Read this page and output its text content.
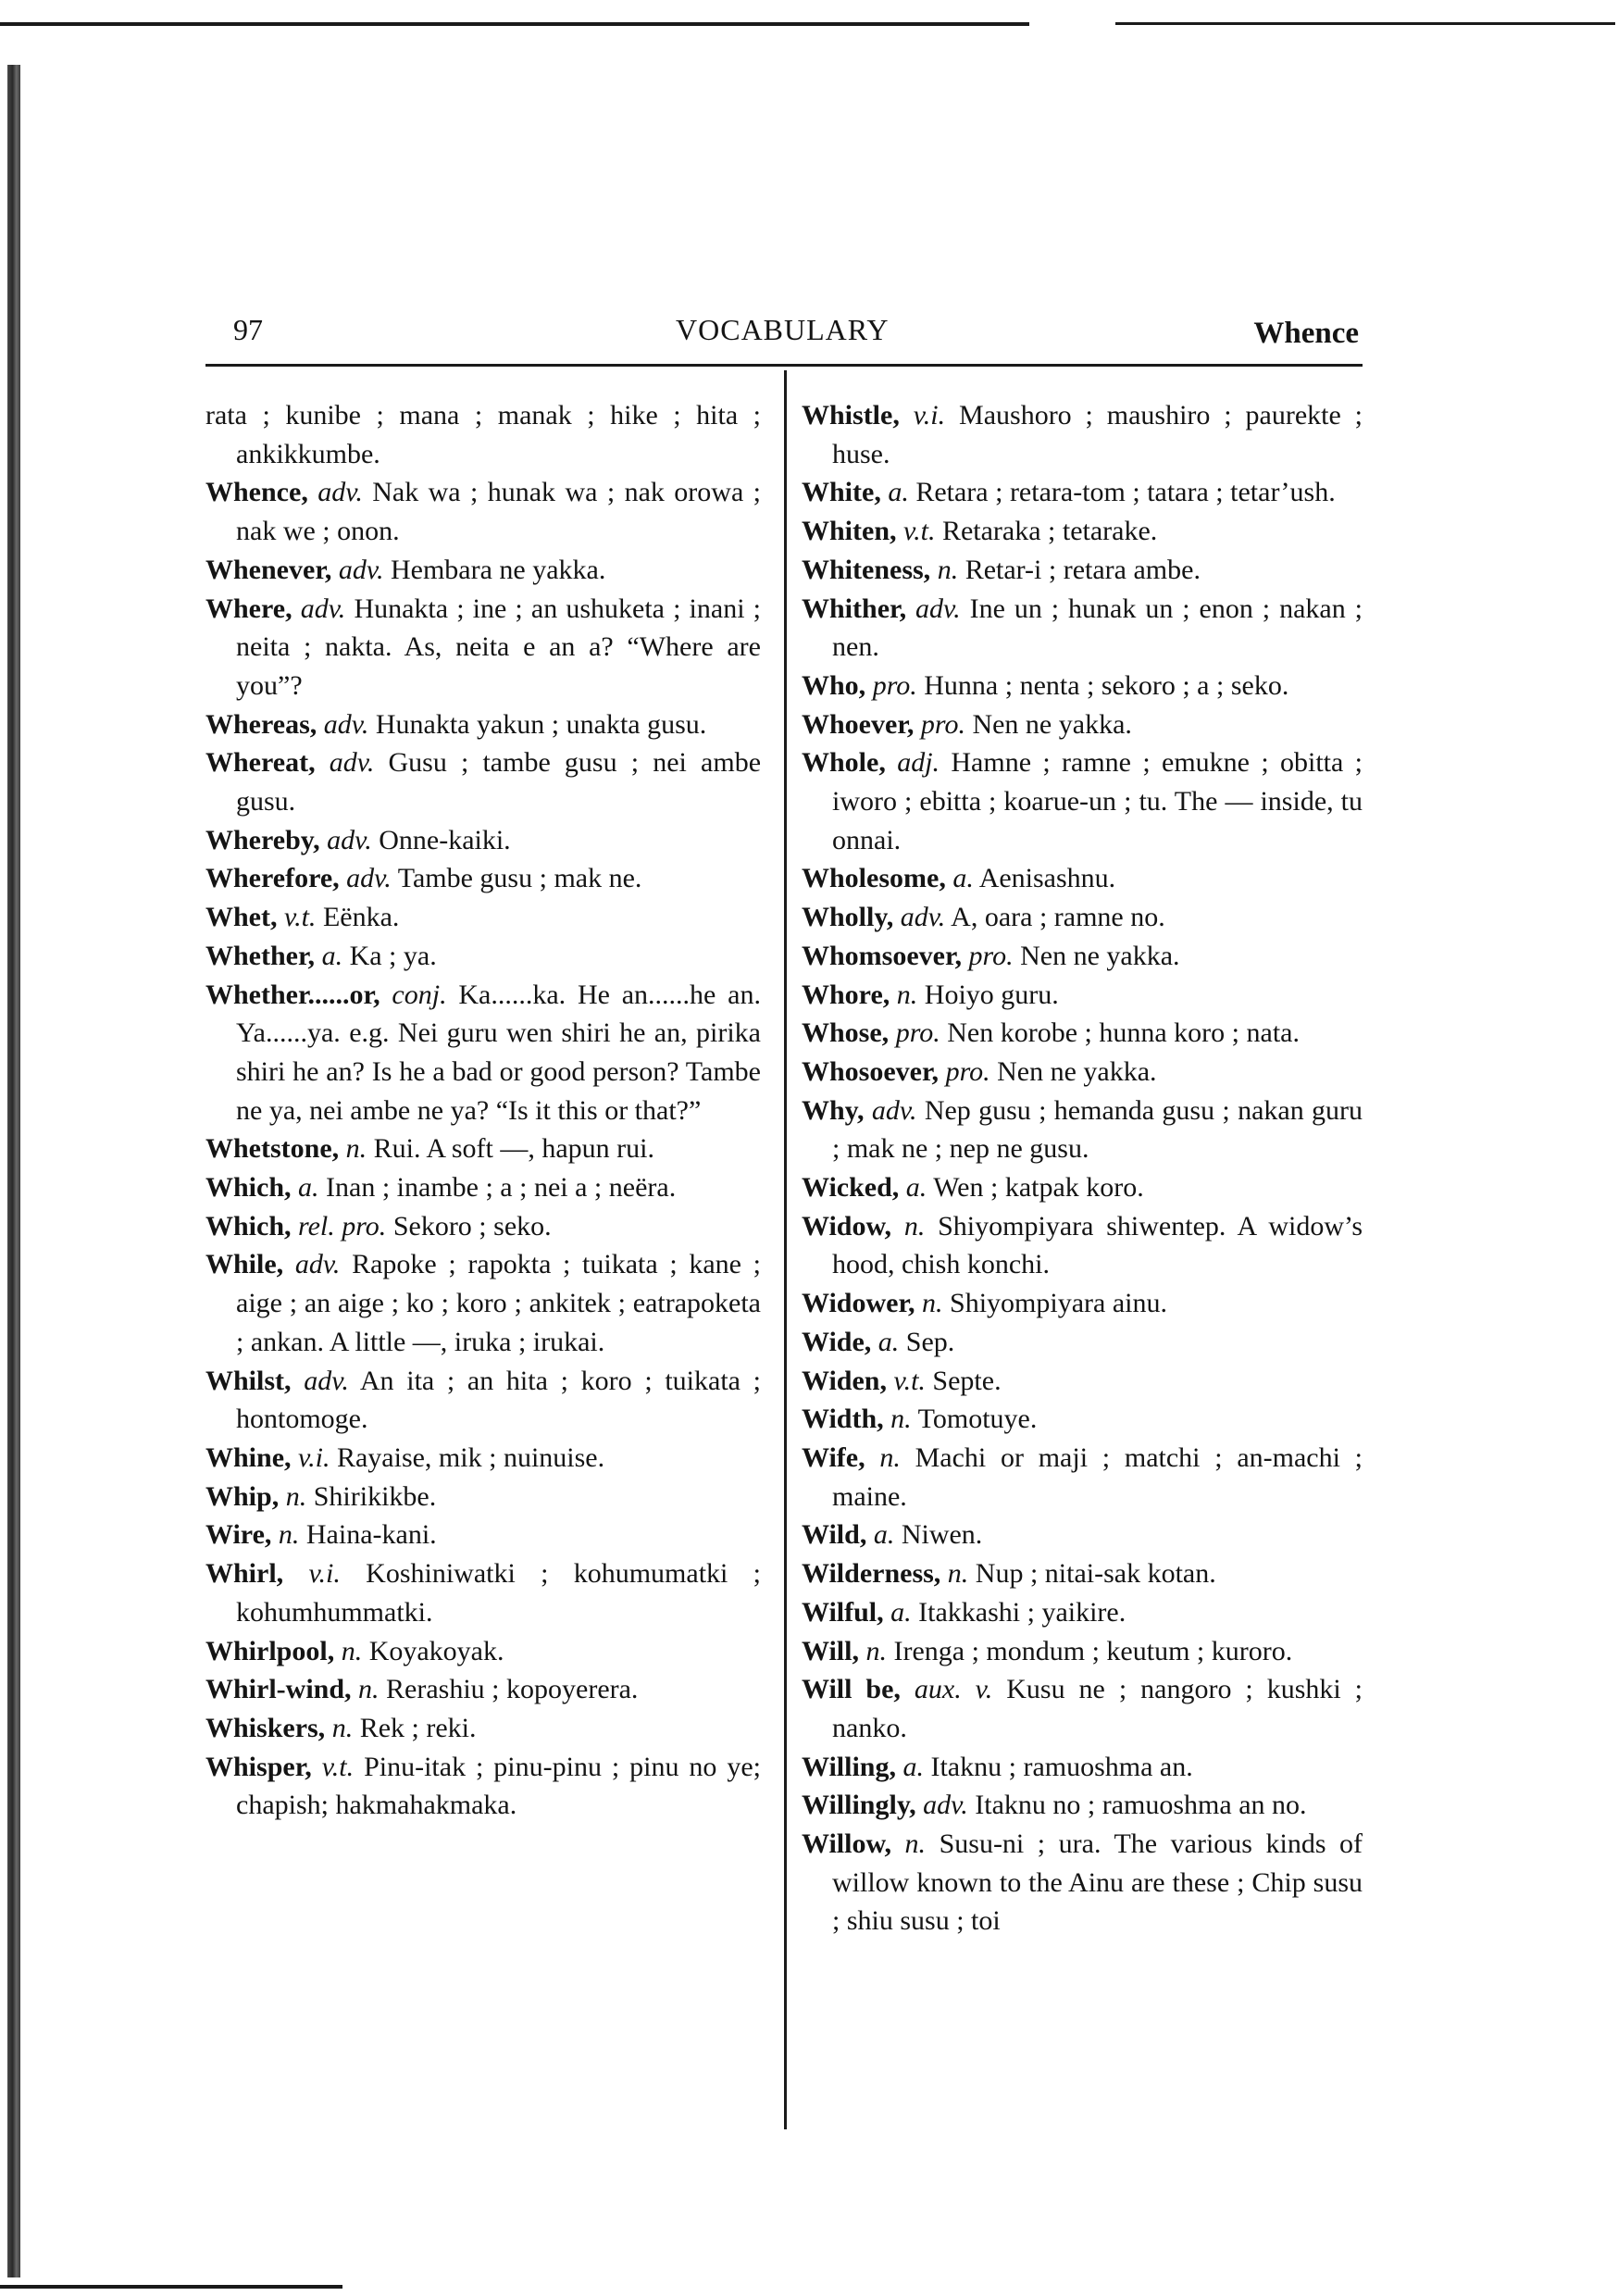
97	VOCABULARY	Whence
rata ; kunibe ; mana ; manak ; hike ; hita ; ankikkumbe.
Whence, adv. Nak wa ; hunak wa ; nak orowa ; nak we ; onon.
Whenever, adv. Hembara ne yakka.
Where, adv. Hunakta ; ine ; an ushuketa ; inani ; neita ; nakta. As, neita e an a? “Where are you”?
Whereas, adv. Hunakta yakun ; unakta gusu.
Whereat, adv. Gusu ; tambe gusu ; nei ambe gusu.
Whereby, adv. Onne-kaiki.
Wherefore, adv. Tambe gusu ; mak ne.
Whet, v.t. Eënka.
Whether, a. Ka ; ya.
Whether......or, conj. Ka......ka. He an......he an. Ya......ya. e.g. Nei guru wen shiri he an, pirika shiri he an? Is he a bad or good person? Tambe ne ya, nei ambe ne ya? “Is it this or that?”
Whetstone, n. Rui. A soft —, hapun rui.
Which, a. Inan ; inambe ; a ; nei a ; neëra.
Which, rel. pro. Sekoro ; seko.
While, adv. Rapoke ; rapokta ; tuikata ; kane ; aige ; an aige ; ko ; koro ; ankitek ; eatrapoketa ; ankan. A little —, iruka ; irukai.
Whilst, adv. An ita ; an hita ; koro ; tuikata ; hontomoge.
Whine, v.i. Rayaise, mik ; nuinuise.
Whip, n. Shirikikbe.
Wire, n. Haina-kani.
Whirl, v.i. Koshiniwatki ; kohumumatki ; kohumhummatki.
Whirlpool, n. Koyakoyak.
Whirl-wind, n. Rerashiu ; kopoyerera.
Whiskers, n. Rek ; reki.
Whisper, v.t. Pinu-itak ; pinu-pinu ; pinu no ye; chapish; hakmahakmaka.
Whistle, v.i. Maushoro ; maushiro ; paurekte ; huse.
White, a. Retara ; retara-tom ; tatara ; tetar’ush.
Whiten, v.t. Retaraka ; tetarake.
Whiteness, n. Retar-i ; retara ambe.
Whither, adv. Ine un ; hunak un ; enon ; nakan ; nen.
Who, pro. Hunna ; nenta ; sekoro ; a ; seko.
Whoever, pro. Nen ne yakka.
Whole, adj. Hamne ; ramne ; emukne ; obitta ; iworo ; ebitta ; koarue-un ; tu. The — inside, tu onnai.
Wholesome, a. Aenisashnu.
Wholly, adv. A, oara ; ramne no.
Whomsoever, pro. Nen ne yakka.
Whore, n. Hoiyo guru.
Whose, pro. Nen korobe ; hunna koro ; nata.
Whosoever, pro. Nen ne yakka.
Why, adv. Nep gusu ; hemanda gusu ; nakan guru ; mak ne ; nep ne gusu.
Wicked, a. Wen ; katpak koro.
Widow, n. Shiyompiyara shiwentep. A widow’s hood, chish konchi.
Widower, n. Shiyompiyara ainu.
Wide, a. Sep.
Widen, v.t. Septe.
Width, n. Tomotuye.
Wife, n. Machi or maji ; matchi ; an-machi ; maine.
Wild, a. Niwen.
Wilderness, n. Nup ; nitai-sak kotan.
Wilful, a. Itakkashi ; yaikire.
Will, n. Irenga ; mondum ; keutum ; kuroro.
Will be, aux. v. Kusu ne ; nangoro ; kushki ; nanko.
Willing, a. Itaknu ; ramuoshma an.
Willingly, adv. Itaknu no ; ramuoshma an no.
Willow, n. Susu-ni ; ura. The various kinds of willow known to the Ainu are these ; Chip susu ; shiu susu ; toi
